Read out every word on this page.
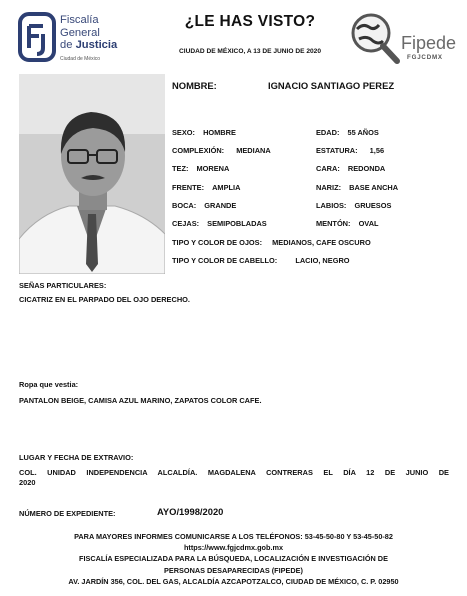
Fiscalía
General
de Justicia
Ciudad de México
¿LE HAS VISTO?
CIUDAD DE MÉXICO, A 13 DE JUNIO DE 2020	Fipede
FGJCDMX
NOMBRE:	IGNACIO SANTIAGO PEREZ
SEXO: HOMBRE	EDAD: 55 AÑOS
COMPLEXIÓN: MEDIANA	ESTATURA: 1,56
TEZ: MORENA	CARA: REDONDA
FRENTE: AMPLIA	NARIZ: BASE ANCHA
BOCA: GRANDE	LABIOS: GRUESOS
CEJAS: SEMIPOBLADAS	MENTÓN: OVAL
TIPO Y COLOR DE OJOS: MEDIANOS, CAFE OSCURO
TIPO Y COLOR DE CABELLO: LACIO, NEGRO
SEÑAS PARTICULARES:
CICATRIZ EN EL PARPADO DEL OJO DERECHO.
Ropa que vestia:
PANTALON BEIGE, CAMISA AZUL MARINO, ZAPATOS COLOR CAFE.
LUGAR Y FECHA DE EXTRAVIO:
COL. UNIDAD INDEPENDENCIA ALCALDÍA. MAGDALENA CONTRERAS EL DÍA 12 DE JUNIO DE
2020
NÚMERO DE EXPEDIENTE:	AYO/1998/2020
PARA MAYORES INFORMES COMUNICARSE A LOS TELÉFONOS: 53-45-50-80 Y 53-45-50-82
https://www.fgjcdmx.gob.mx
FISCALÍA ESPECIALIZADA PARA LA BÚSQUEDA, LOCALIZACIÓN E INVESTIGACIÓN DE
PERSONAS DESAPARECIDAS (FIPEDE)
AV. JARDÍN 356, COL. DEL GAS, ALCALDÍA AZCAPOTZALCO, CIUDAD DE MÉXICO, C. P. 02950
